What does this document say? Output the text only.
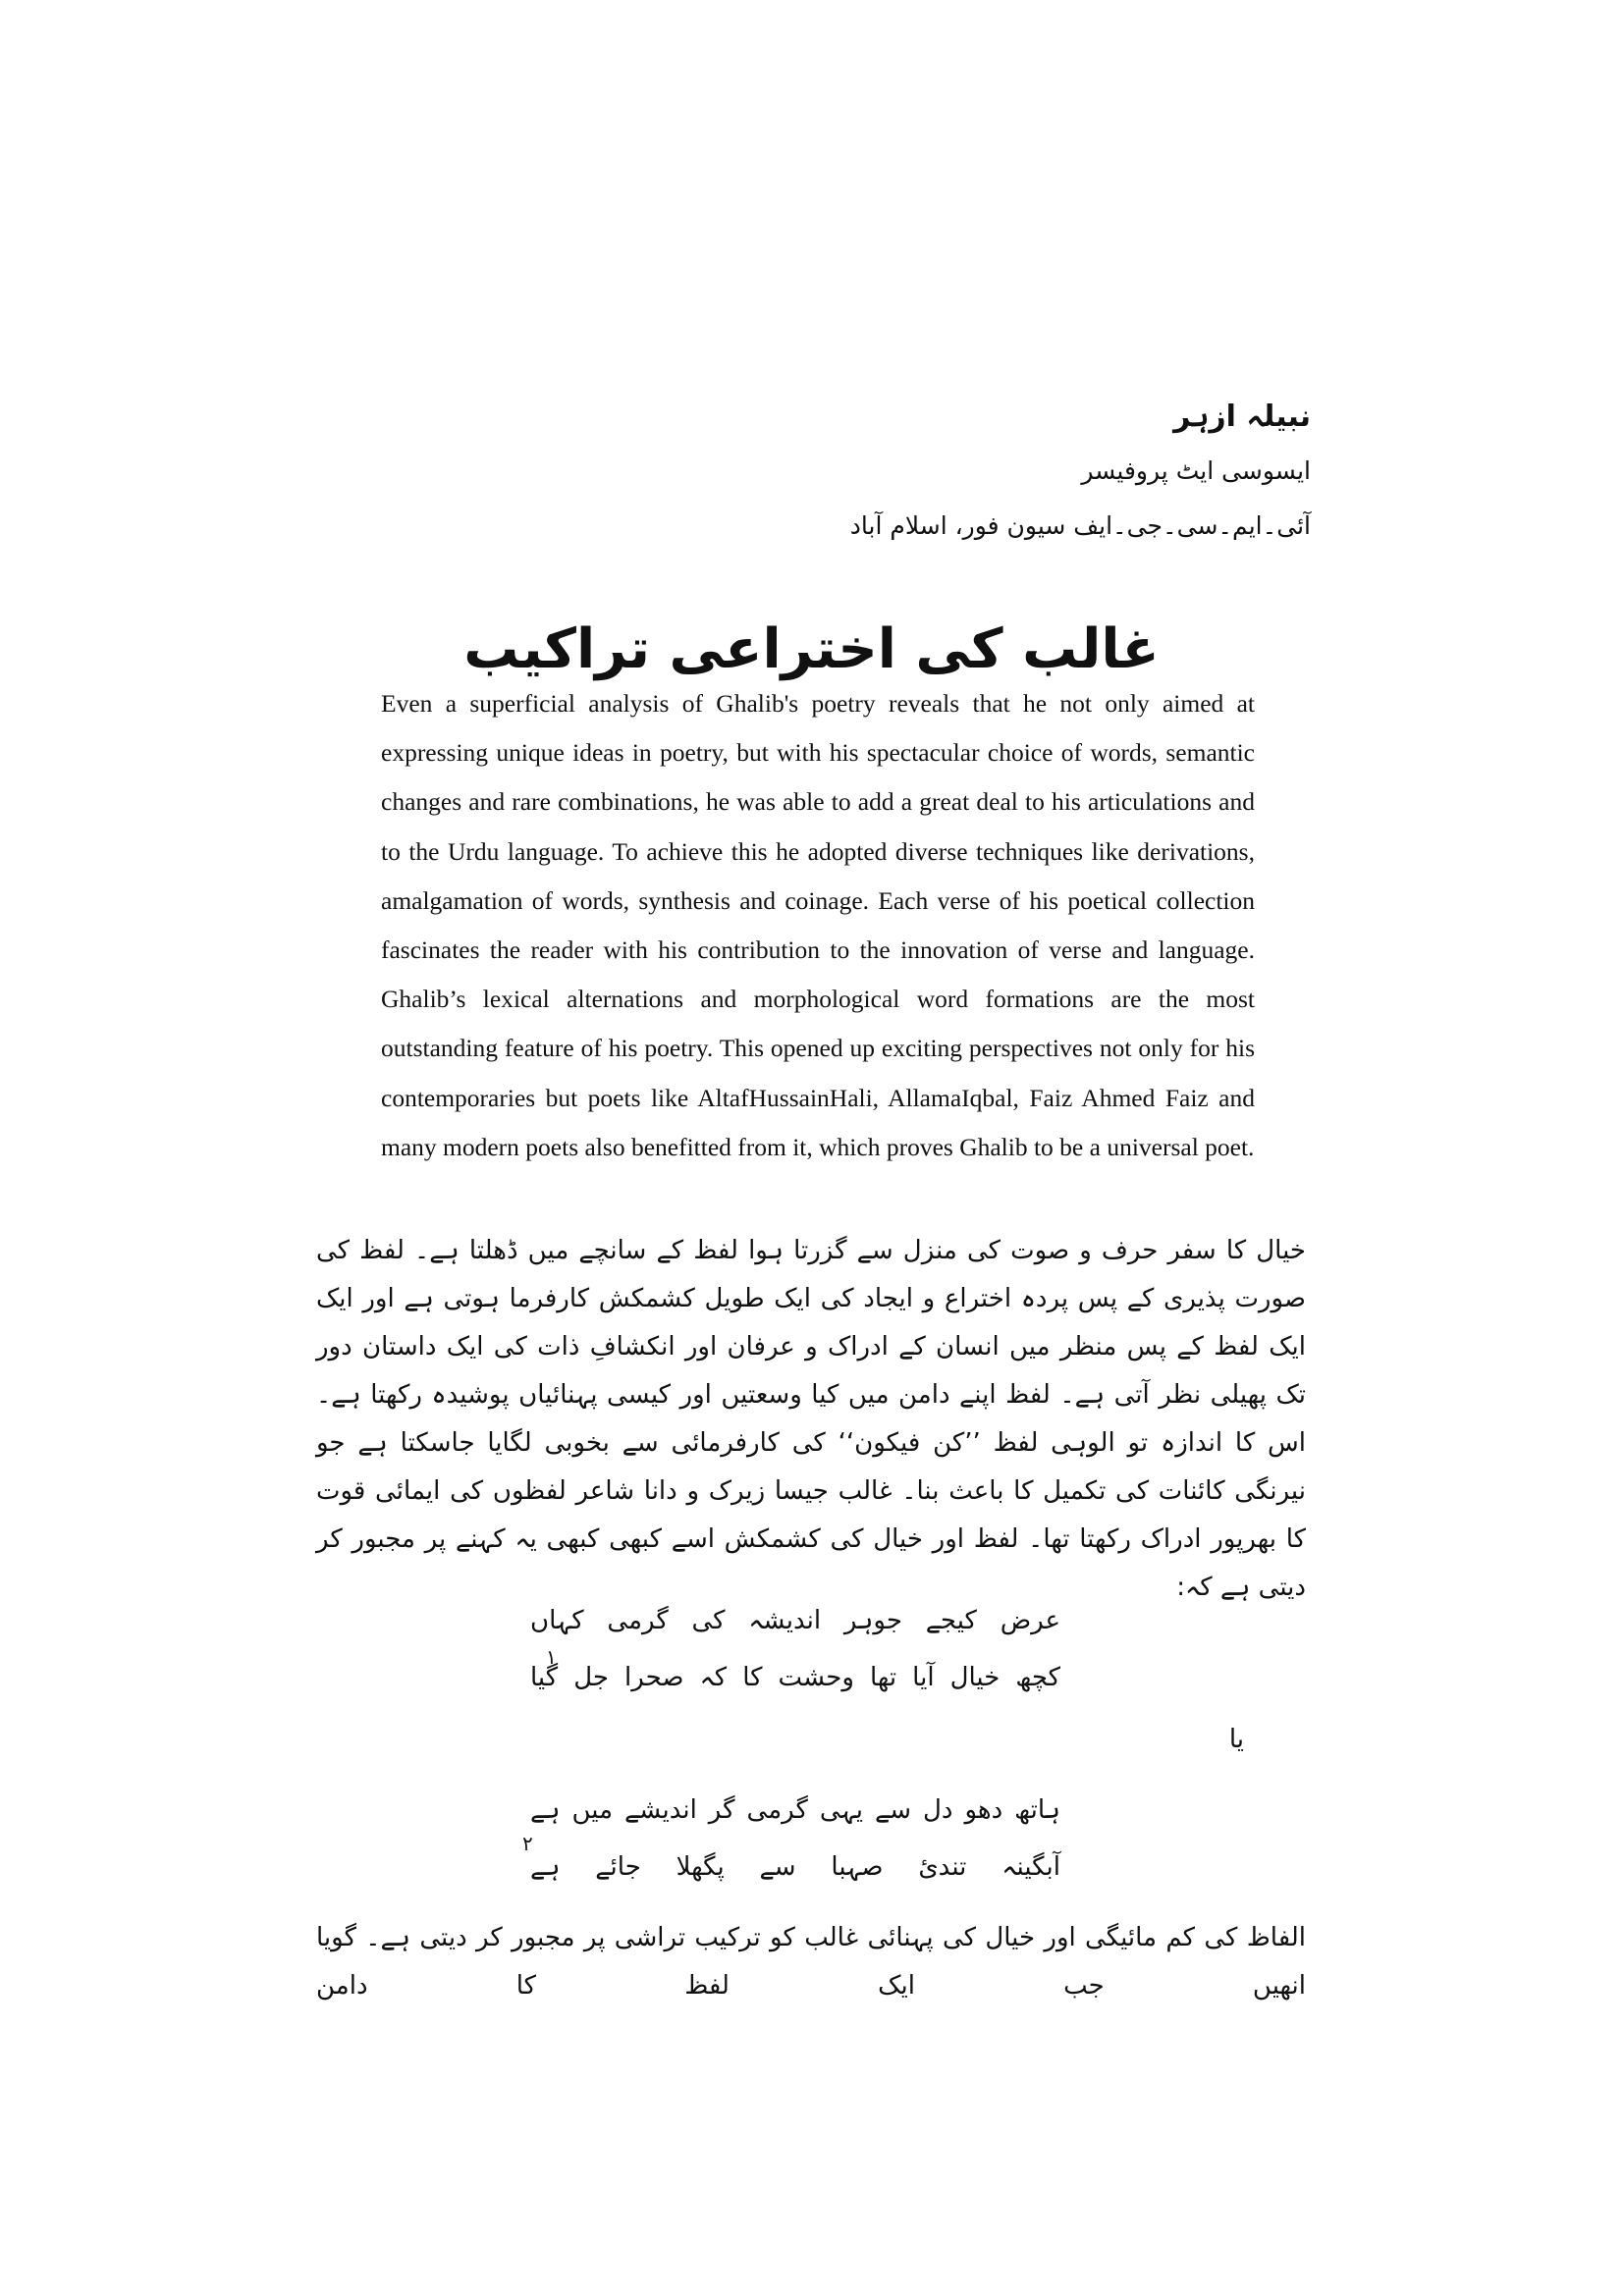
نبیلہ ازہر
ایسوسی ایٹ پروفیسر
آئی۔ایم۔سی۔جی۔ایف سیون فور، اسلام آباد
غالب کی اختراعی تراکیب
Even a superficial analysis of Ghalib's poetry reveals that he not only aimed at expressing unique ideas in poetry, but with his spectacular choice of words, semantic changes and rare combinations, he was able to add a great deal to his articulations and to the Urdu language. To achieve this he adopted diverse techniques like derivations, amalgamation of words, synthesis and coinage. Each verse of his poetical collection fascinates the reader with his contribution to the innovation of verse and language. Ghalib’s lexical alternations and morphological word formations are the most outstanding feature of his poetry. This opened up exciting perspectives not only for his contemporaries but poets like AltafHussainHali, AllamaIqbal, Faiz Ahmed Faiz and many modern poets also benefitted from it, which proves Ghalib to be a universal poet.
خیال کا سفر حرف و صوت کی منزل سے گزرتا ہوا لفظ کے سانچے میں ڈھلتا ہے۔ لفظ کی صورت پذیری کے پس پردہ اختراع و ایجاد کی ایک طویل کشمکش کارفرما ہوتی ہے اور ایک ایک لفظ کے پس منظر میں انسان کے ادراک و عرفان اور انکشافِ ذات کی ایک داستان دور تک پھیلی نظر آتی ہے۔ لفظ اپنے دامن میں کیا وسعتیں اور کیسی پہنائیاں پوشیدہ رکھتا ہے۔ اس کا اندازہ تو الوہی لفظ ’’کن فیکون‘‘ کی کارفرمائی سے بخوبی لگایا جاسکتا ہے جو نیرنگی کائنات کی تکمیل کا باعث بنا۔ غالب جیسا زیرک و دانا شاعر لفظوں کی ایمائی قوت کا بھرپور ادراک رکھتا تھا۔ لفظ اور خیال کی کشمکش اسے کبھی کبھی یہ کہنے پر مجبور کر دیتی ہے کہ:
عرض کیجے جوہر اندیشہ کی گرمی کہاں
کچھ خیال آیا تھا وحشت کا کہ صحرا جل گیا
۱
یا
ہاتھ دھو دل سے یہی گرمی گر اندیشے میں ہے
آبگینہ تندیٔ صہبا سے پگھلا جائے ہے
۲
الفاظ کی کم مائیگی اور خیال کی پہنائی غالب کو ترکیب تراشی پر مجبور کر دیتی ہے۔ گویا انھیں جب ایک لفظ کا دامن
